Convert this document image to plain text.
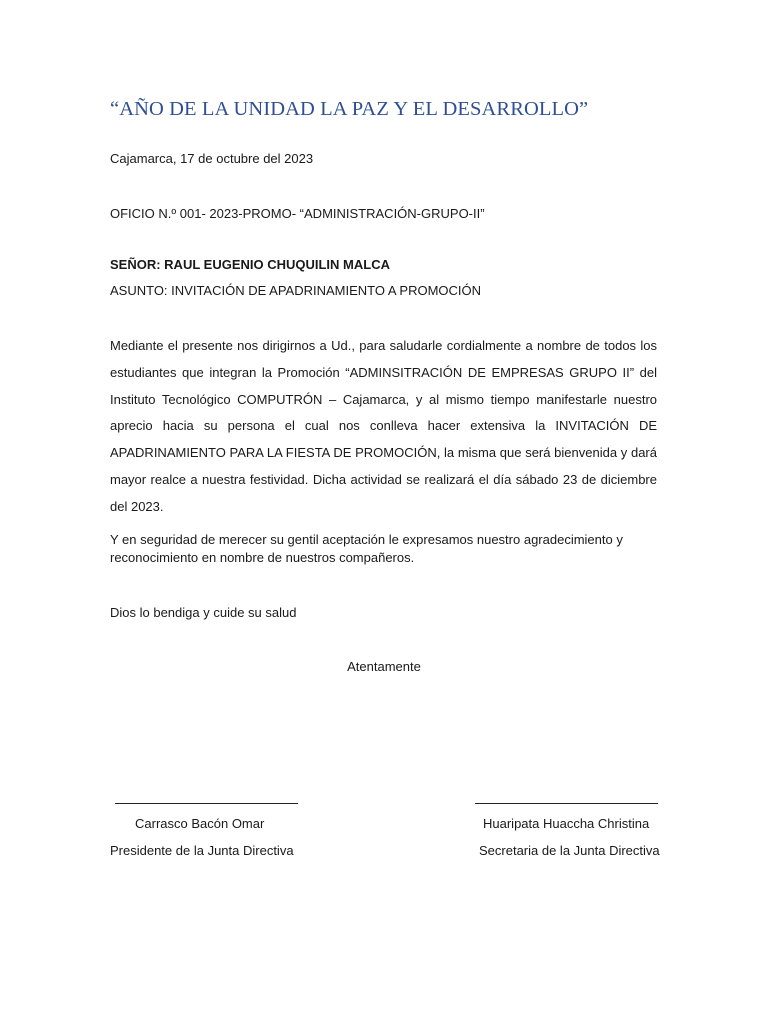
“AÑO DE LA UNIDAD LA PAZ Y EL DESARROLLO”
Cajamarca, 17 de octubre del 2023
OFICIO N.º 001- 2023-PROMO- “ADMINISTRACIÓN-GRUPO-II”
SEÑOR: RAUL EUGENIO CHUQUILIN MALCA
ASUNTO: INVITACIÓN DE APADRINAMIENTO A PROMOCIÓN
Mediante el presente nos dirigirnos a Ud., para saludarle cordialmente a nombre de todos los estudiantes que integran la Promoción “ADMINSITRACIÓN DE EMPRESAS GRUPO II” del Instituto Tecnológico COMPUTRÓN – Cajamarca, y al mismo tiempo manifestarle nuestro aprecio hacia su persona el cual nos conlleva hacer extensiva la INVITACIÓN DE APADRINAMIENTO PARA LA FIESTA DE PROMOCIÓN, la misma que será bienvenida y dará mayor realce a nuestra festividad. Dicha actividad se realizará el día sábado 23 de diciembre del 2023.
Y en seguridad de merecer su gentil aceptación le expresamos nuestro agradecimiento y reconocimiento en nombre de nuestros compañeros.
Dios lo bendiga y cuide su salud
Atentamente
Carrasco Bacón Omar
Presidente de la Junta Directiva
Huaripata Huaccha Christina
Secretaria de la Junta Directiva
